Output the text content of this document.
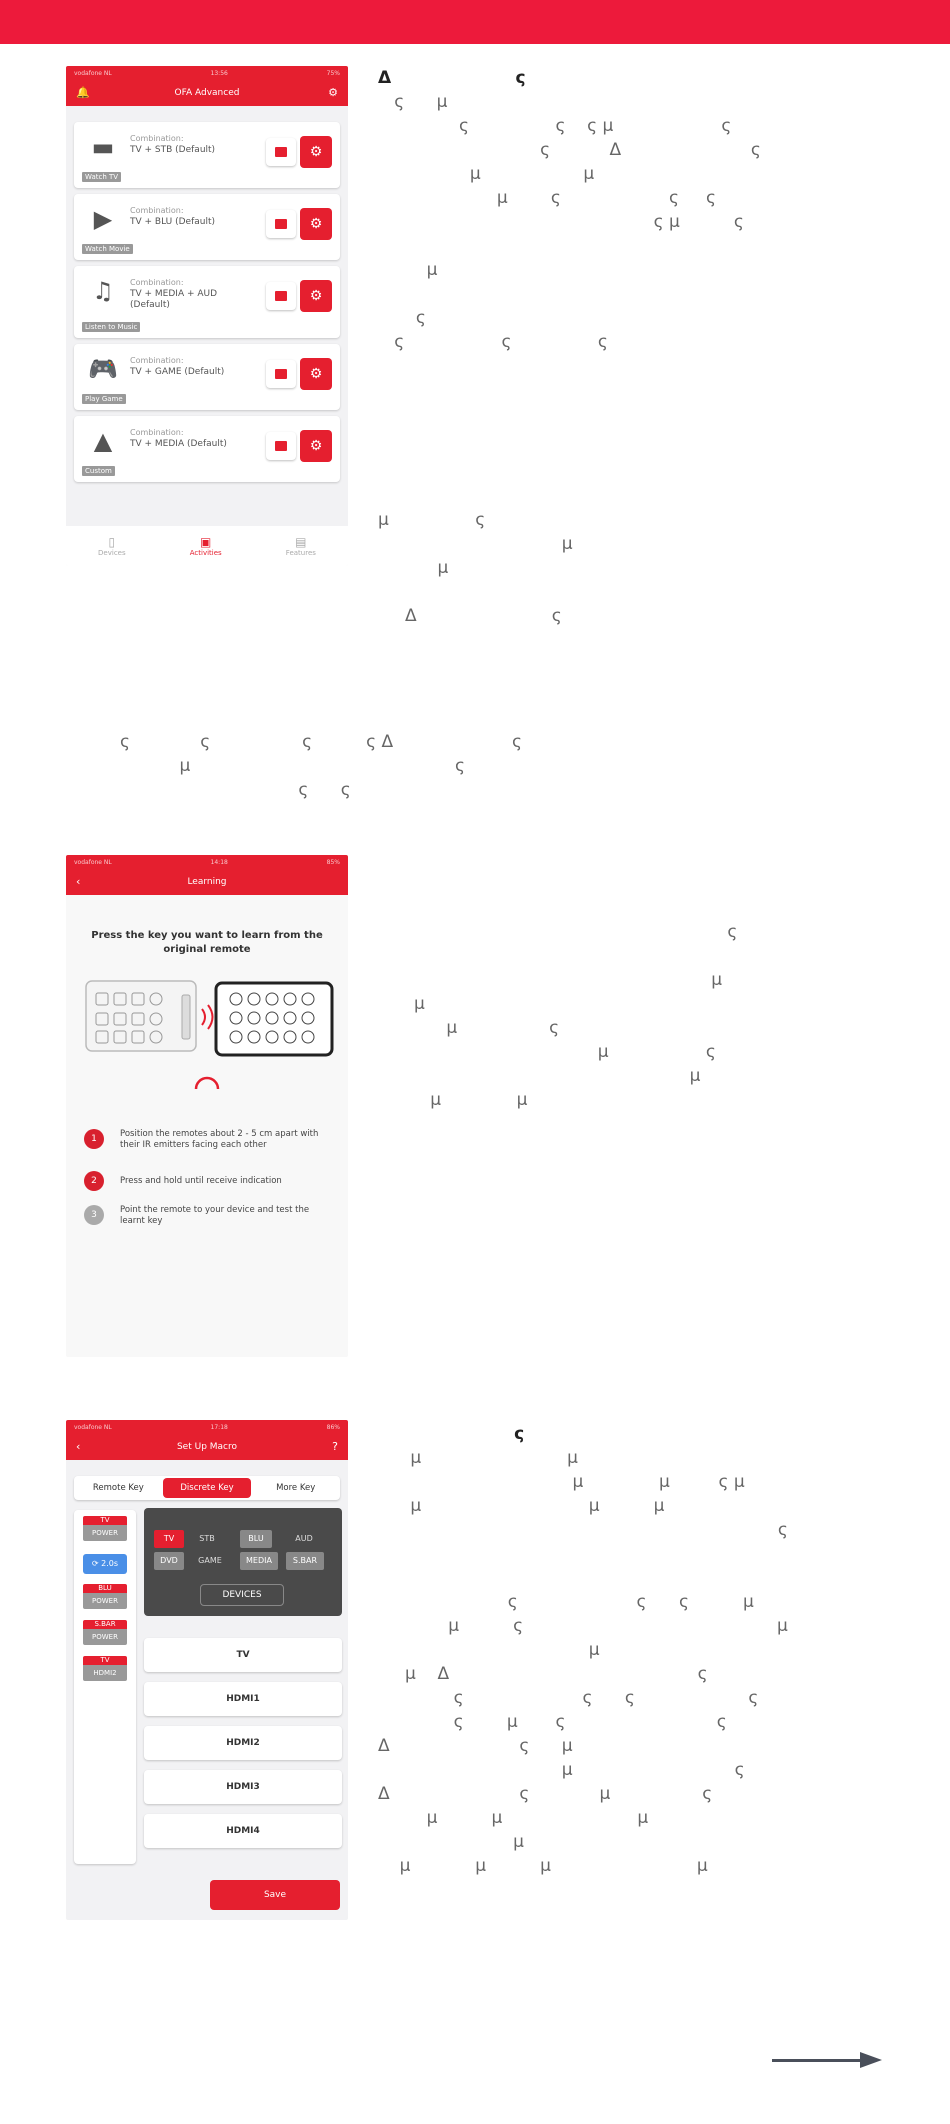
vodafone NL	13:56	75%
🔔	OFA Advanced	⚙
▬	Combination:
TV + STB (Default)
Watch TV
⚙
▶	Combination:
TV + BLU (Default)
Watch Movie
⚙
♫	Combination:
TV + MEDIA + AUD (Default)
Listen to Music
⚙
🎮 Combination:
TV + GAME (Default)
Play Game
⚙
▲	Combination:
TV + MEDIA (Default)
Custom
⚙
▯
Devices
▣
Activities
▤
Features
vodafone NL	14:18	85%
‹	Learning
Press the key you want to learn from the original remote
1	Position the remotes about 2 - 5 cm apart with their IR emitters facing each other
2	Press and hold until receive indication
3	Point the remote to your device and test the learnt key
vodafone NL	17:18	86%
‹	Set Up Macro	?
Remote Key	Discrete Key	More Key
TV
POWER
⟳ 2.0s
BLU
POWER
S.BAR
POWER
TV
HDMI2
TV	STB	BLU	AUD
DVD	GAME	MEDIA	S.BAR
DEVICES
TV
HDMI1
HDMI2
HDMI3
HDMI4
Save
Δ                     ς
ς      μ
ς                ς    ς μ                    ς
ς           Δ                        ς
μ                   μ
μ        ς                    ς     ς
ς μ          ς
μ
ς
ς                  ς                ς
μ                ς
μ
μ
Δ                         ς
ς             ς                 ς          ς Δ                      ς
μ                                                 ς
ς      ς
ς
μ
μ
μ                 ς
μ                  ς
μ
μ              μ
ς
μ                           μ
μ              μ         ς μ
μ                               μ          μ
ς
ς                      ς      ς          μ
μ          ς                                               μ
μ
μ    Δ                                              ς
ς                      ς      ς                     ς
ς        μ       ς                            ς
Δ                        ς      μ
μ                              ς
Δ                        ς             μ                 ς
μ          μ                         μ
μ
μ            μ          μ                           μ
